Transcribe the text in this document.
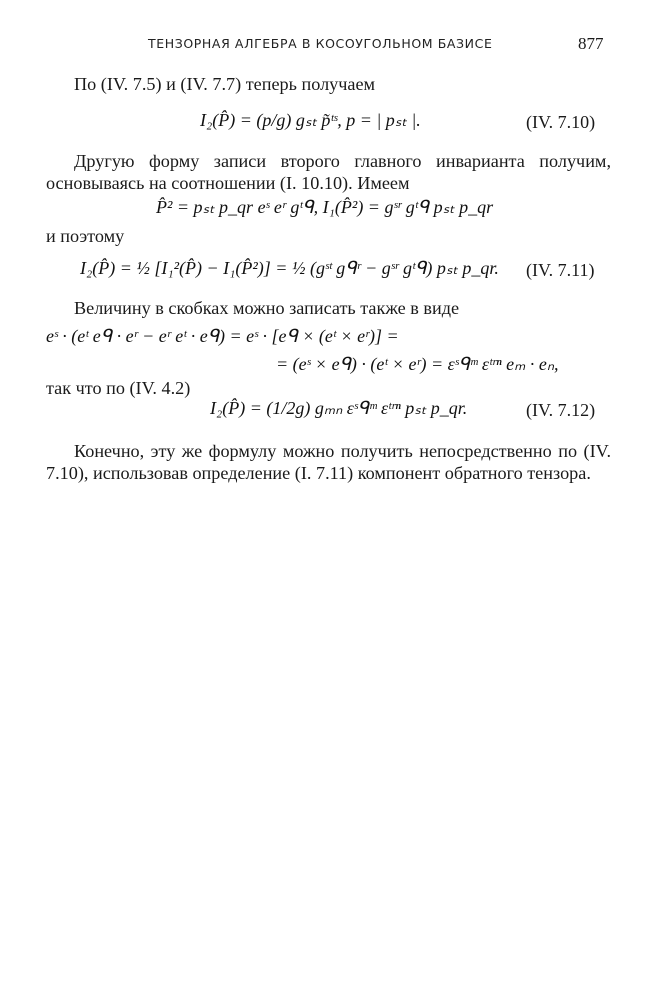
ТЕНЗОРНАЯ АЛГЕБРА В КОСОУГОЛЬНОМ БАЗИСЕ	877
По (IV. 7.5) и (IV. 7.7) теперь получаем
I₂(P̂) = (p/g) gₛₜ p̃ᵗˢ, p = | pₛₜ |.	(IV. 7.10)
Другую форму записи второго главного инварианта получим, основываясь на соотношении (I. 10.10). Имеем
P̂² = pₛₜ p_qr eˢ eʳ gᵗᑫ, I₁(P̂²) = gˢʳ gᵗᑫ pₛₜ p_qr
и поэтому
I₂(P̂) = ½ [I₁²(P̂) − I₁(P̂²)] = ½ (gˢᵗ gᑫʳ − gˢʳ gᵗᑫ) pₛₜ p_qr. (IV. 7.11)
Величину в скобках можно записать также в виде
eˢ · (eᵗ eᑫ · eʳ − eʳ eᵗ · eᑫ) = eˢ · [eᑫ × (eᵗ × eʳ)] =
= (eˢ × eᑫ) · (eᵗ × eʳ) = εˢᑫᵐ εᵗʳⁿ eₘ · eₙ,
так что по (IV. 4.2)
I₂(P̂) = (1/2g) gₘₙ εˢᑫᵐ εᵗʳⁿ pₛₜ p_qr.	(IV. 7.12)
Конечно, эту же формулу можно получить непосредственно по (IV. 7.10), использовав определение (I. 7.11) компонент обратного тензора.
